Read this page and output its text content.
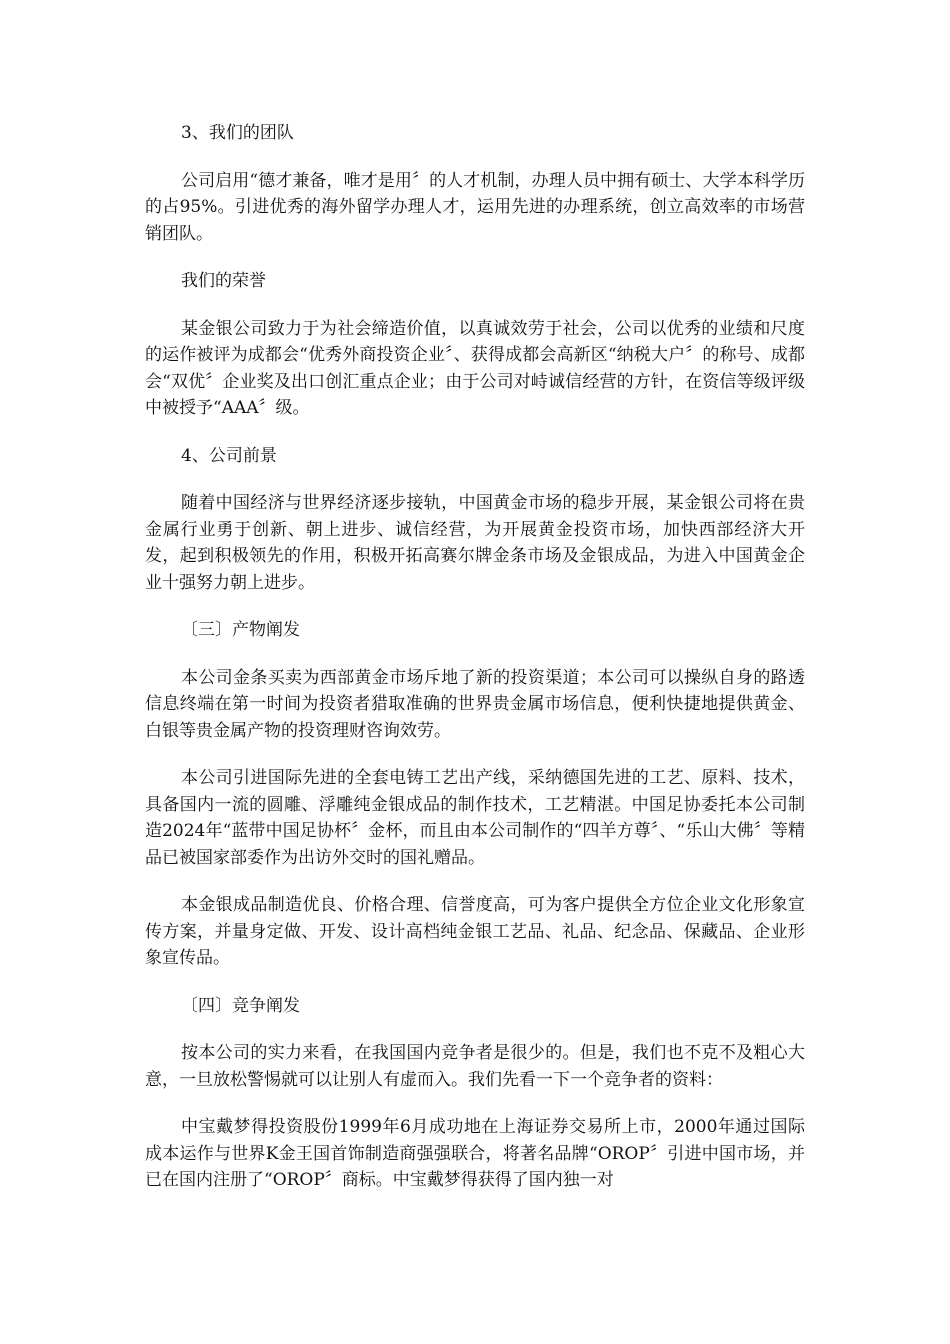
3、我们的团队
公司启用“德才兼备，唯才是用〞的人才机制，办理人员中拥有硕士、大学本科学历的占95%。引进优秀的海外留学办理人才，运用先进的办理系统，创立高效率的市场营销团队。
我们的荣誉
某金银公司致力于为社会缔造价值，以真诚效劳于社会，公司以优秀的业绩和尺度的运作被评为成都会“优秀外商投资企业〞、获得成都会高新区“纳税大户〞的称号、成都会“双优〞企业奖及出口创汇重点企业；由于公司对峙诚信经营的方针，在资信等级评级中被授予“AAA〞级。
4、公司前景
随着中国经济与世界经济逐步接轨，中国黄金市场的稳步开展，某金银公司将在贵金属行业勇于创新、朝上进步、诚信经营，为开展黄金投资市场，加快西部经济大开发，起到积极领先的作用，积极开拓高赛尔牌金条市场及金银成品，为进入中国黄金企业十强努力朝上进步。
〔三〕产物阐发
本公司金条买卖为西部黄金市场斥地了新的投资渠道；本公司可以操纵自身的路透信息终端在第一时间为投资者猎取准确的世界贵金属市场信息，便利快捷地提供黄金、白银等贵金属产物的投资理财咨询效劳。
本公司引进国际先进的全套电铸工艺出产线，采纳德国先进的工艺、原料、技术，具备国内一流的圆雕、浮雕纯金银成品的制作技术，工艺精湛。中国足协委托本公司制造2024年“蓝带中国足协杯〞金杯，而且由本公司制作的“四羊方尊〞、“乐山大佛〞等精品已被国家部委作为出访外交时的国礼赠品。
本金银成品制造优良、价格合理、信誉度高，可为客户提供全方位企业文化形象宣传方案，并量身定做、开发、设计高档纯金银工艺品、礼品、纪念品、保藏品、企业形象宣传品。
〔四〕竞争阐发
按本公司的实力来看，在我国国内竞争者是很少的。但是，我们也不克不及粗心大意，一旦放松警惕就可以让别人有虚而入。我们先看一下一个竞争者的资料：
中宝戴梦得投资股份1999年6月成功地在上海证券交易所上市，2000年通过国际成本运作与世界K金王国首饰制造商强强联合，将著名品牌“OROP〞引进中国市场，并已在国内注册了“OROP〞商标。中宝戴梦得获得了国内独一对
